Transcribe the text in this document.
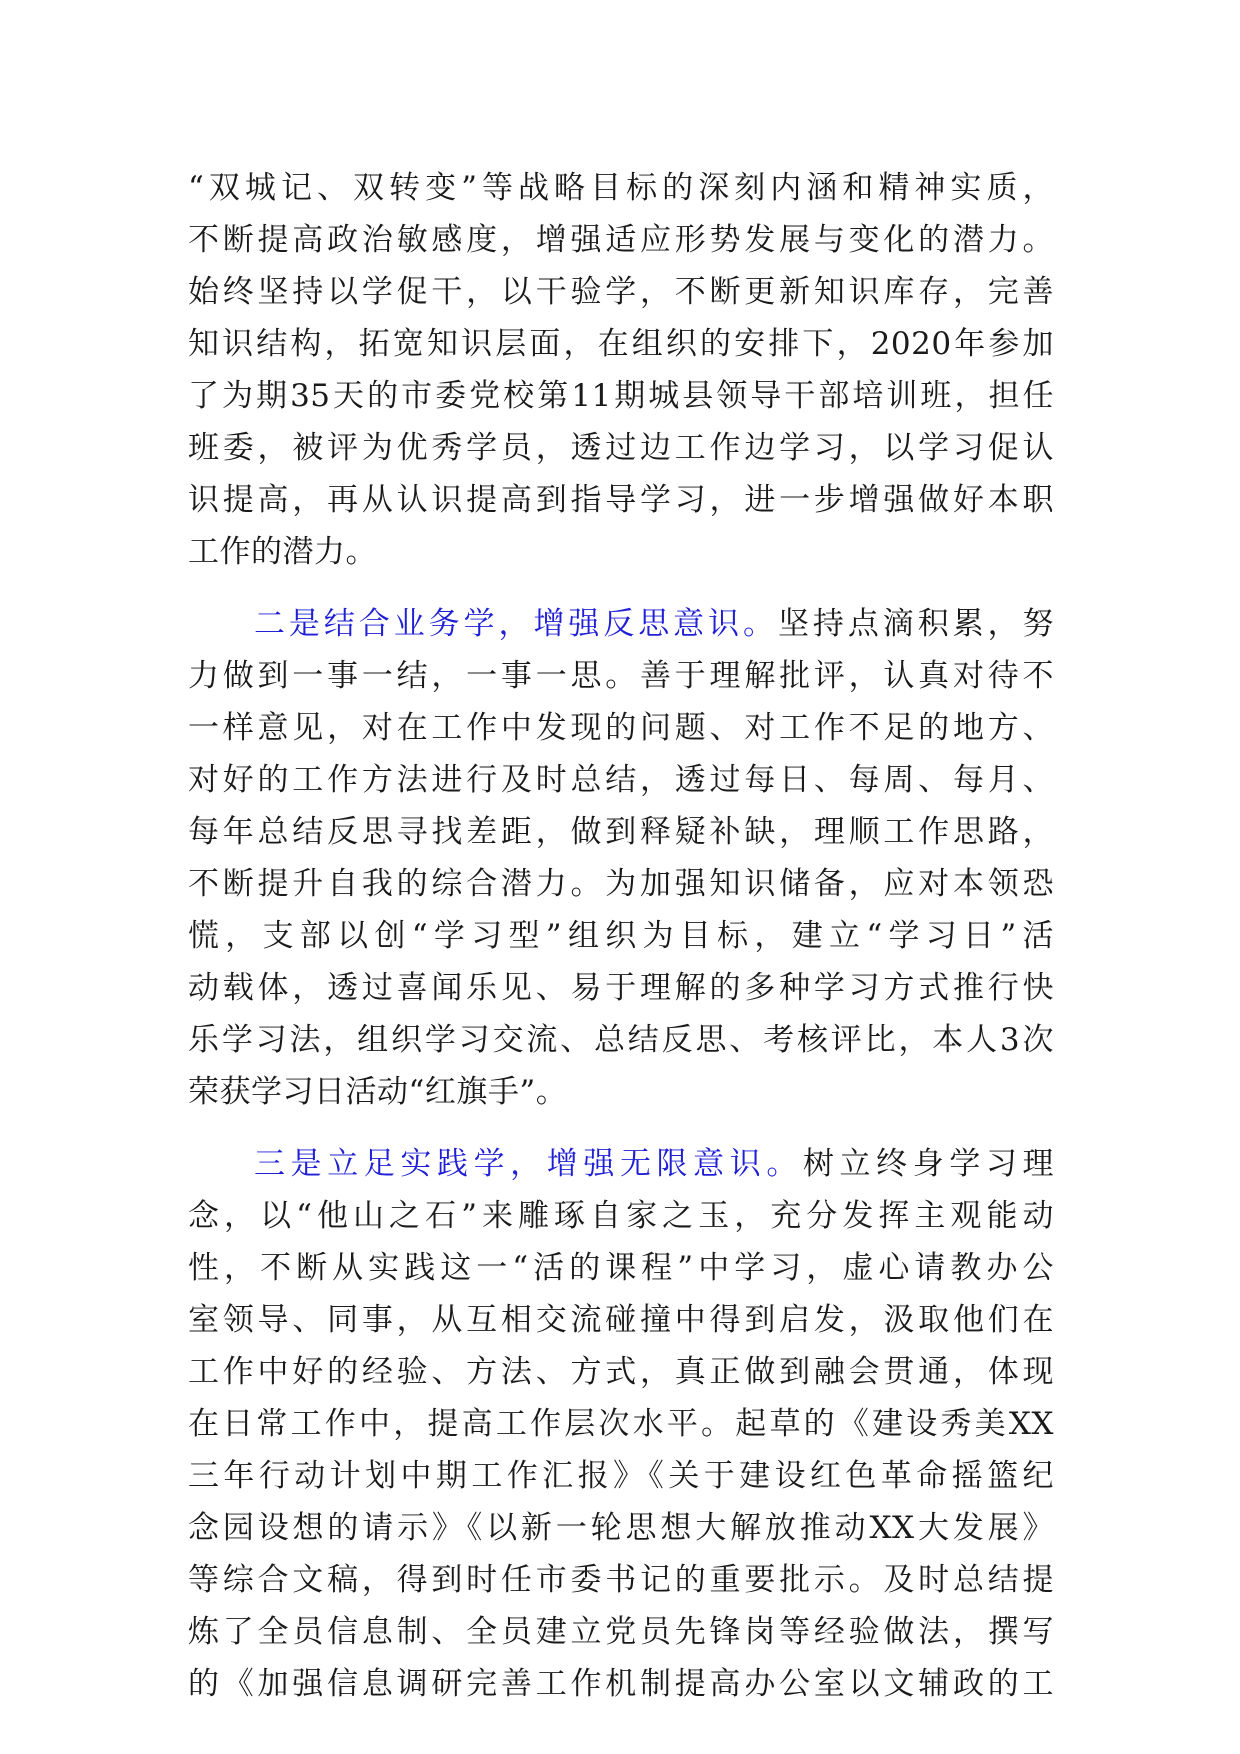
“双城记、双转变”等战略目标的深刻内涵和精神实质，
不断提高政治敏感度，增强适应形势发展与变化的潜力。
始终坚持以学促干，以干验学，不断更新知识库存，完善
知识结构，拓宽知识层面，在组织的安排下，2020年参加
了为期35天的市委党校第11期城县领导干部培训班，担任
班委，被评为优秀学员，透过边工作边学习，以学习促认
识提高，再从认识提高到指导学习，进一步增强做好本职
工作的潜力。
二是结合业务学，增强反思意识。坚持点滴积累，努
力做到一事一结，一事一思。善于理解批评，认真对待不
一样意见，对在工作中发现的问题、对工作不足的地方、
对好的工作方法进行及时总结，透过每日、每周、每月、
每年总结反思寻找差距，做到释疑补缺，理顺工作思路，
不断提升自我的综合潜力。为加强知识储备，应对本领恐
慌，支部以创“学习型”组织为目标，建立“学习日”活
动载体，透过喜闻乐见、易于理解的多种学习方式推行快
乐学习法，组织学习交流、总结反思、考核评比，本人3次
荣获学习日活动“红旗手”。
三是立足实践学，增强无限意识。树立终身学习理
念，以“他山之石”来雕琢自家之玉，充分发挥主观能动
性，不断从实践这一“活的课程”中学习，虚心请教办公
室领导、同事，从互相交流碰撞中得到启发，汲取他们在
工作中好的经验、方法、方式，真正做到融会贯通，体现
在日常工作中，提高工作层次水平。起草的《建设秀美XX
三年行动计划中期工作汇报》《关于建设红色革命摇篮纪
念园设想的请示》《以新一轮思想大解放推动XX大发展》
等综合文稿，得到时任市委书记的重要批示。及时总结提
炼了全员信息制、全员建立党员先锋岗等经验做法，撰写
的《加强信息调研完善工作机制提高办公室以文辅政的工
